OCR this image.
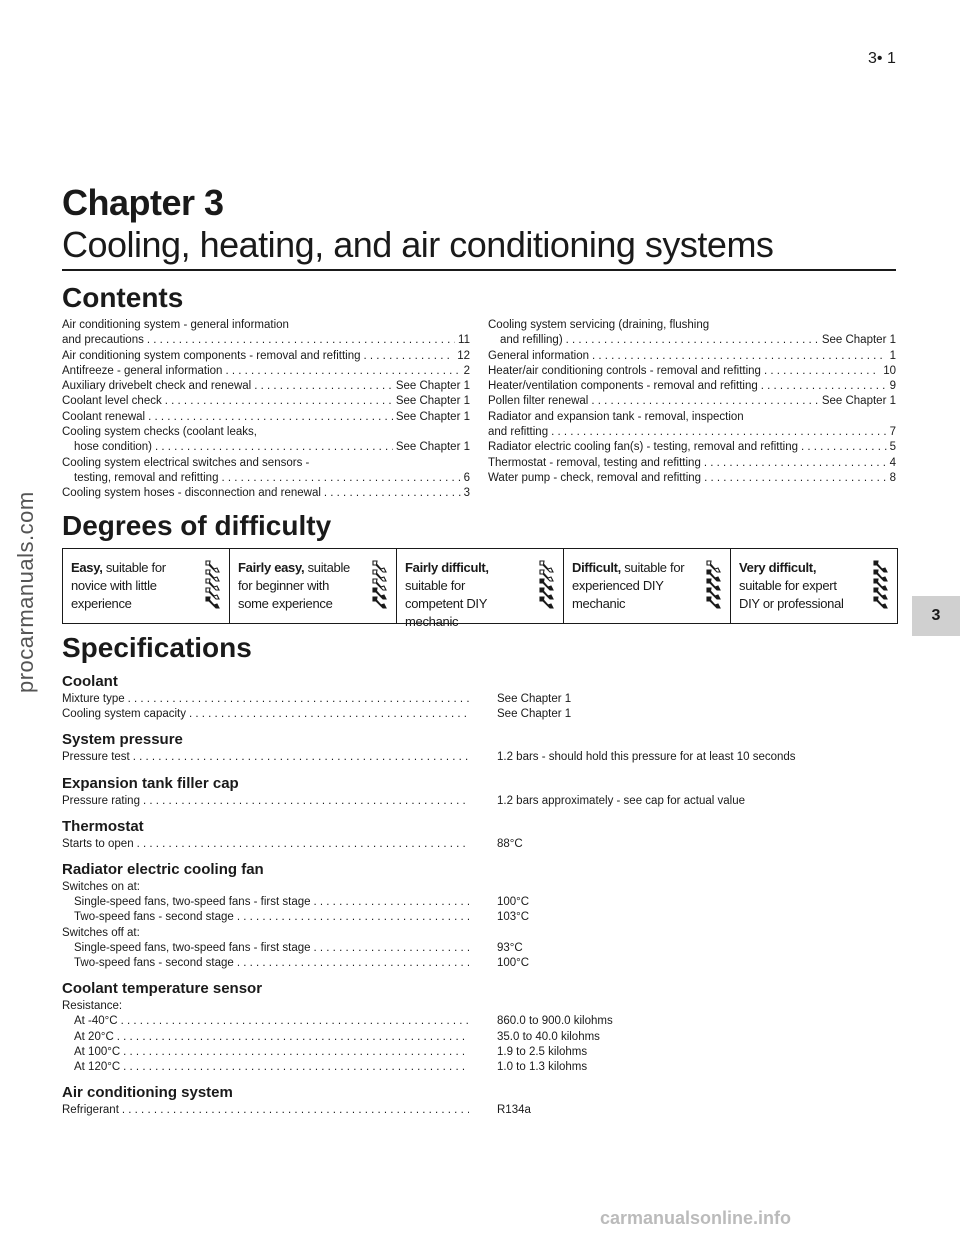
3• 1
procarmanuals.com	3
Chapter 3
Cooling, heating, and air conditioning systems
Contents
Air conditioning system - general information
and precautions . . .	11
Air conditioning system components - removal and refitting . . .	12
Antifreeze - general information . . .	2
Auxiliary drivebelt check and renewal . . .	See Chapter 1
Coolant level check . . .	See Chapter 1
Coolant renewal . . .	See Chapter 1
Cooling system checks (coolant leaks,
hose condition) . . .	See Chapter 1
Cooling system electrical switches and sensors -
testing, removal and refitting . . .	6
Cooling system hoses - disconnection and renewal . . .	3
Cooling system servicing (draining, flushing
and refilling) . . .	See Chapter 1
General information . . .	1
Heater/air conditioning controls - removal and refitting . . .	10
Heater/ventilation components - removal and refitting . . .	9
Pollen filter renewal . . .	See Chapter 1
Radiator and expansion tank - removal, inspection
and refitting . . .	7
Radiator electric cooling fan(s) - testing, removal and refitting . . .	5
Thermostat - removal, testing and refitting . . .	4
Water pump - check, removal and refitting . . .	8
Degrees of difficulty
Easy, suitable for novice with little experience
Fairly easy, suitable for beginner with some experience
Fairly difficult, suitable for competent DIY mechanic
Difficult, suitable for experienced DIY mechanic
Very difficult, suitable for expert DIY or professional
Specifications
Coolant
Mixture type . . .	See Chapter 1
Cooling system capacity . . .	See Chapter 1
System pressure
Pressure test . . .	1.2 bars - should hold this pressure for at least 10 seconds
Expansion tank filler cap
Pressure rating . . .	1.2 bars approximately - see cap for actual value
Thermostat
Starts to open . . .	88°C
Radiator electric cooling fan
Switches on at:
Single-speed fans, two-speed fans - first stage . . .	100°C
Two-speed fans - second stage . . .	103°C
Switches off at:
Single-speed fans, two-speed fans - first stage . . .	93°C
Two-speed fans - second stage . . .	100°C
Coolant temperature sensor
Resistance:
At -40°C . . .	860.0 to 900.0 kilohms
At 20°C . . .	35.0 to 40.0 kilohms
At 100°C . . .	1.9 to 2.5 kilohms
At 120°C . . .	1.0 to 1.3 kilohms
Air conditioning system
Refrigerant . . .	R134a
carmanualsonline.info
